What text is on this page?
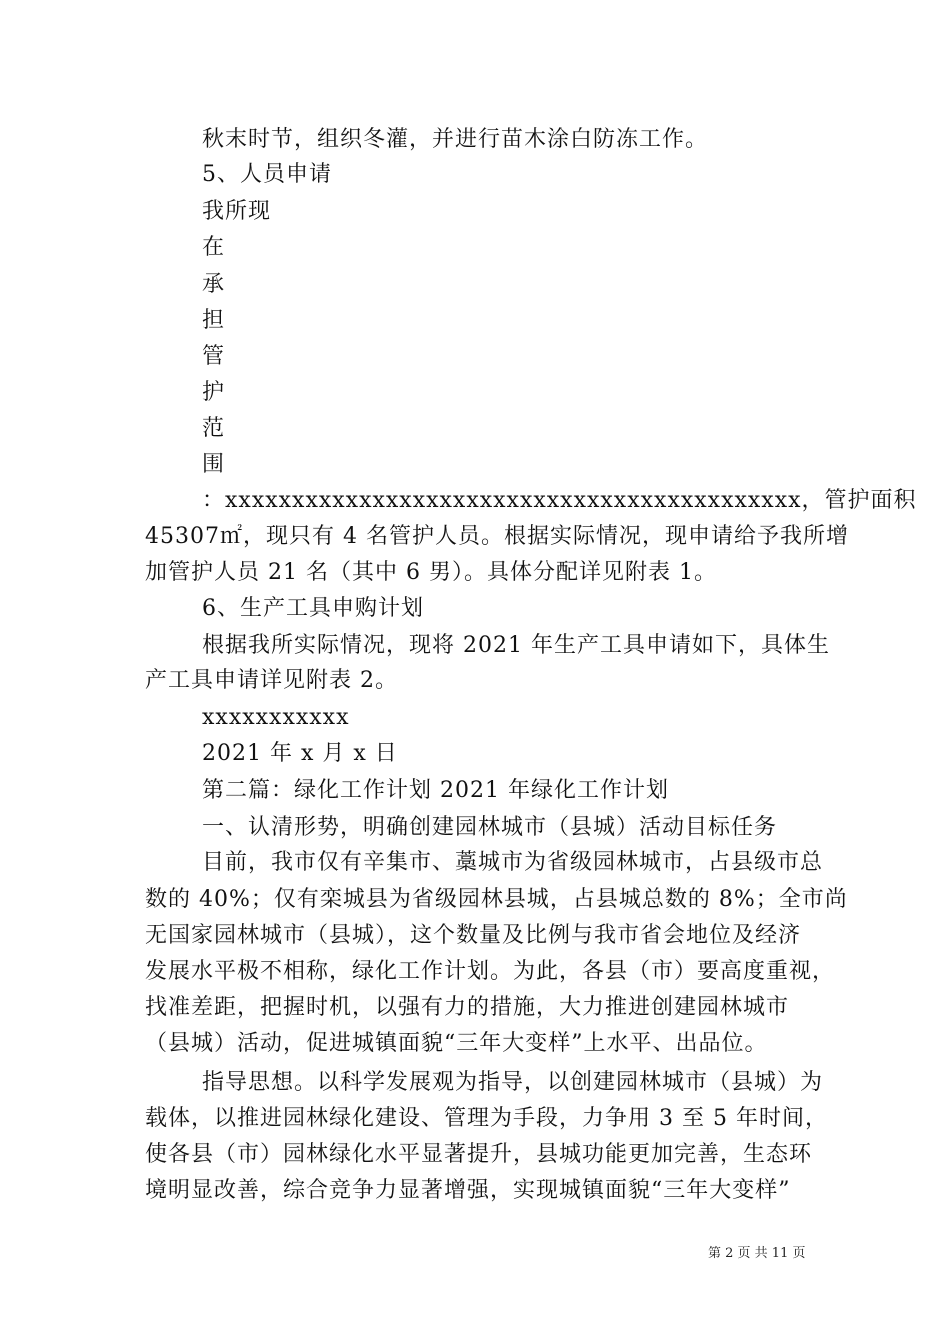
秋末时节，组织冬灌，并进行苗木涂白防冻工作。

5、人员申请

我所现

在

承

担

管

护

范

围

：xxxxxxxxxxxxxxxxxxxxxxxxxxxxxxxxxxxxxxxxxxx，管护面积

45307㎡，现只有 4 名管护人员。根据实际情况，现申请给予我所增

加管护人员 21 名（其中 6 男）。具体分配详见附表 1。

6、生产工具申购计划

根据我所实际情况，现将 2021 年生产工具申请如下，具体生

产工具申请详见附表 2。

xxxxxxxxxxx

2021 年 x 月 x 日

第二篇：绿化工作计划 2021 年绿化工作计划

一、认清形势，明确创建园林城市（县城）活动目标任务

目前，我市仅有辛集市、藁城市为省级园林城市，占县级市总

数的 40%；仅有栾城县为省级园林县城，占县城总数的 8%；全市尚

无国家园林城市（县城），这个数量及比例与我市省会地位及经济

发展水平极不相称，绿化工作计划。为此，各县（市）要高度重视，

找准差距，把握时机，以强有力的措施，大力推进创建园林城市

（县城）活动，促进城镇面貌“三年大变样”上水平、出品位。

指导思想。以科学发展观为指导，以创建园林城市（县城）为

载体，以推进园林绿化建设、管理为手段，力争用 3 至 5 年时间，

使各县（市）园林绿化水平显著提升，县城功能更加完善，生态环

境明显改善，综合竞争力显著增强，实现城镇面貌“三年大变样”

第 2 页 共 11 页
